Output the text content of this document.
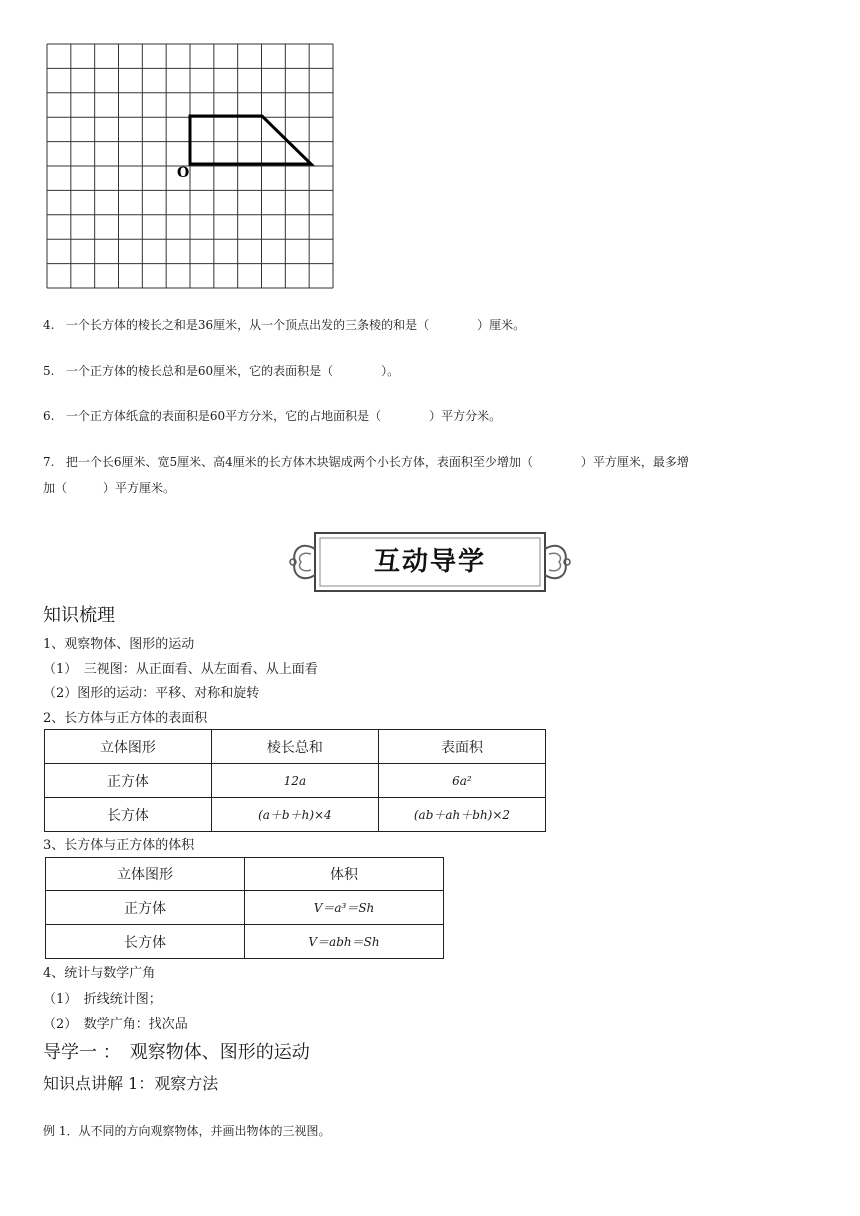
O
4. 一个长方体的棱长之和是36厘米，从一个顶点出发的三条棱的和是（　　　　）厘米。
5. 一个正方体的棱长总和是60厘米，它的表面积是（　　　　）。
6. 一个正方体纸盒的表面积是60平方分米，它的占地面积是（　　　　）平方分米。
7. 把一个长6厘米、宽5厘米、高4厘米的长方体木块锯成两个小长方体，表面积至少增加（　　　　）平方厘米，最多增
加（　　　）平方厘米。
互动导学
知识梳理
1、观察物体、图形的运动
（1）　三视图：从正面看、从左面看、从上面看
（2）图形的运动：平移、对称和旋转
2、长方体与正方体的表面积
立体图形	棱长总和	表面积
正方体	12a	6a²
长方体	(a＋b＋h)×4	(ab＋ah＋bh)×2
3、长方体与正方体的体积
立体图形	体积
正方体	V＝a³＝Sh
长方体	V＝abh＝Sh
4、统计与数学广角
（1）　折线统计图；
（2）　数学广角：找次品
导学一 ：　观察物体、图形的运动
知识点讲解 1：观察方法
例 1．从不同的方向观察物体，并画出物体的三视图。
